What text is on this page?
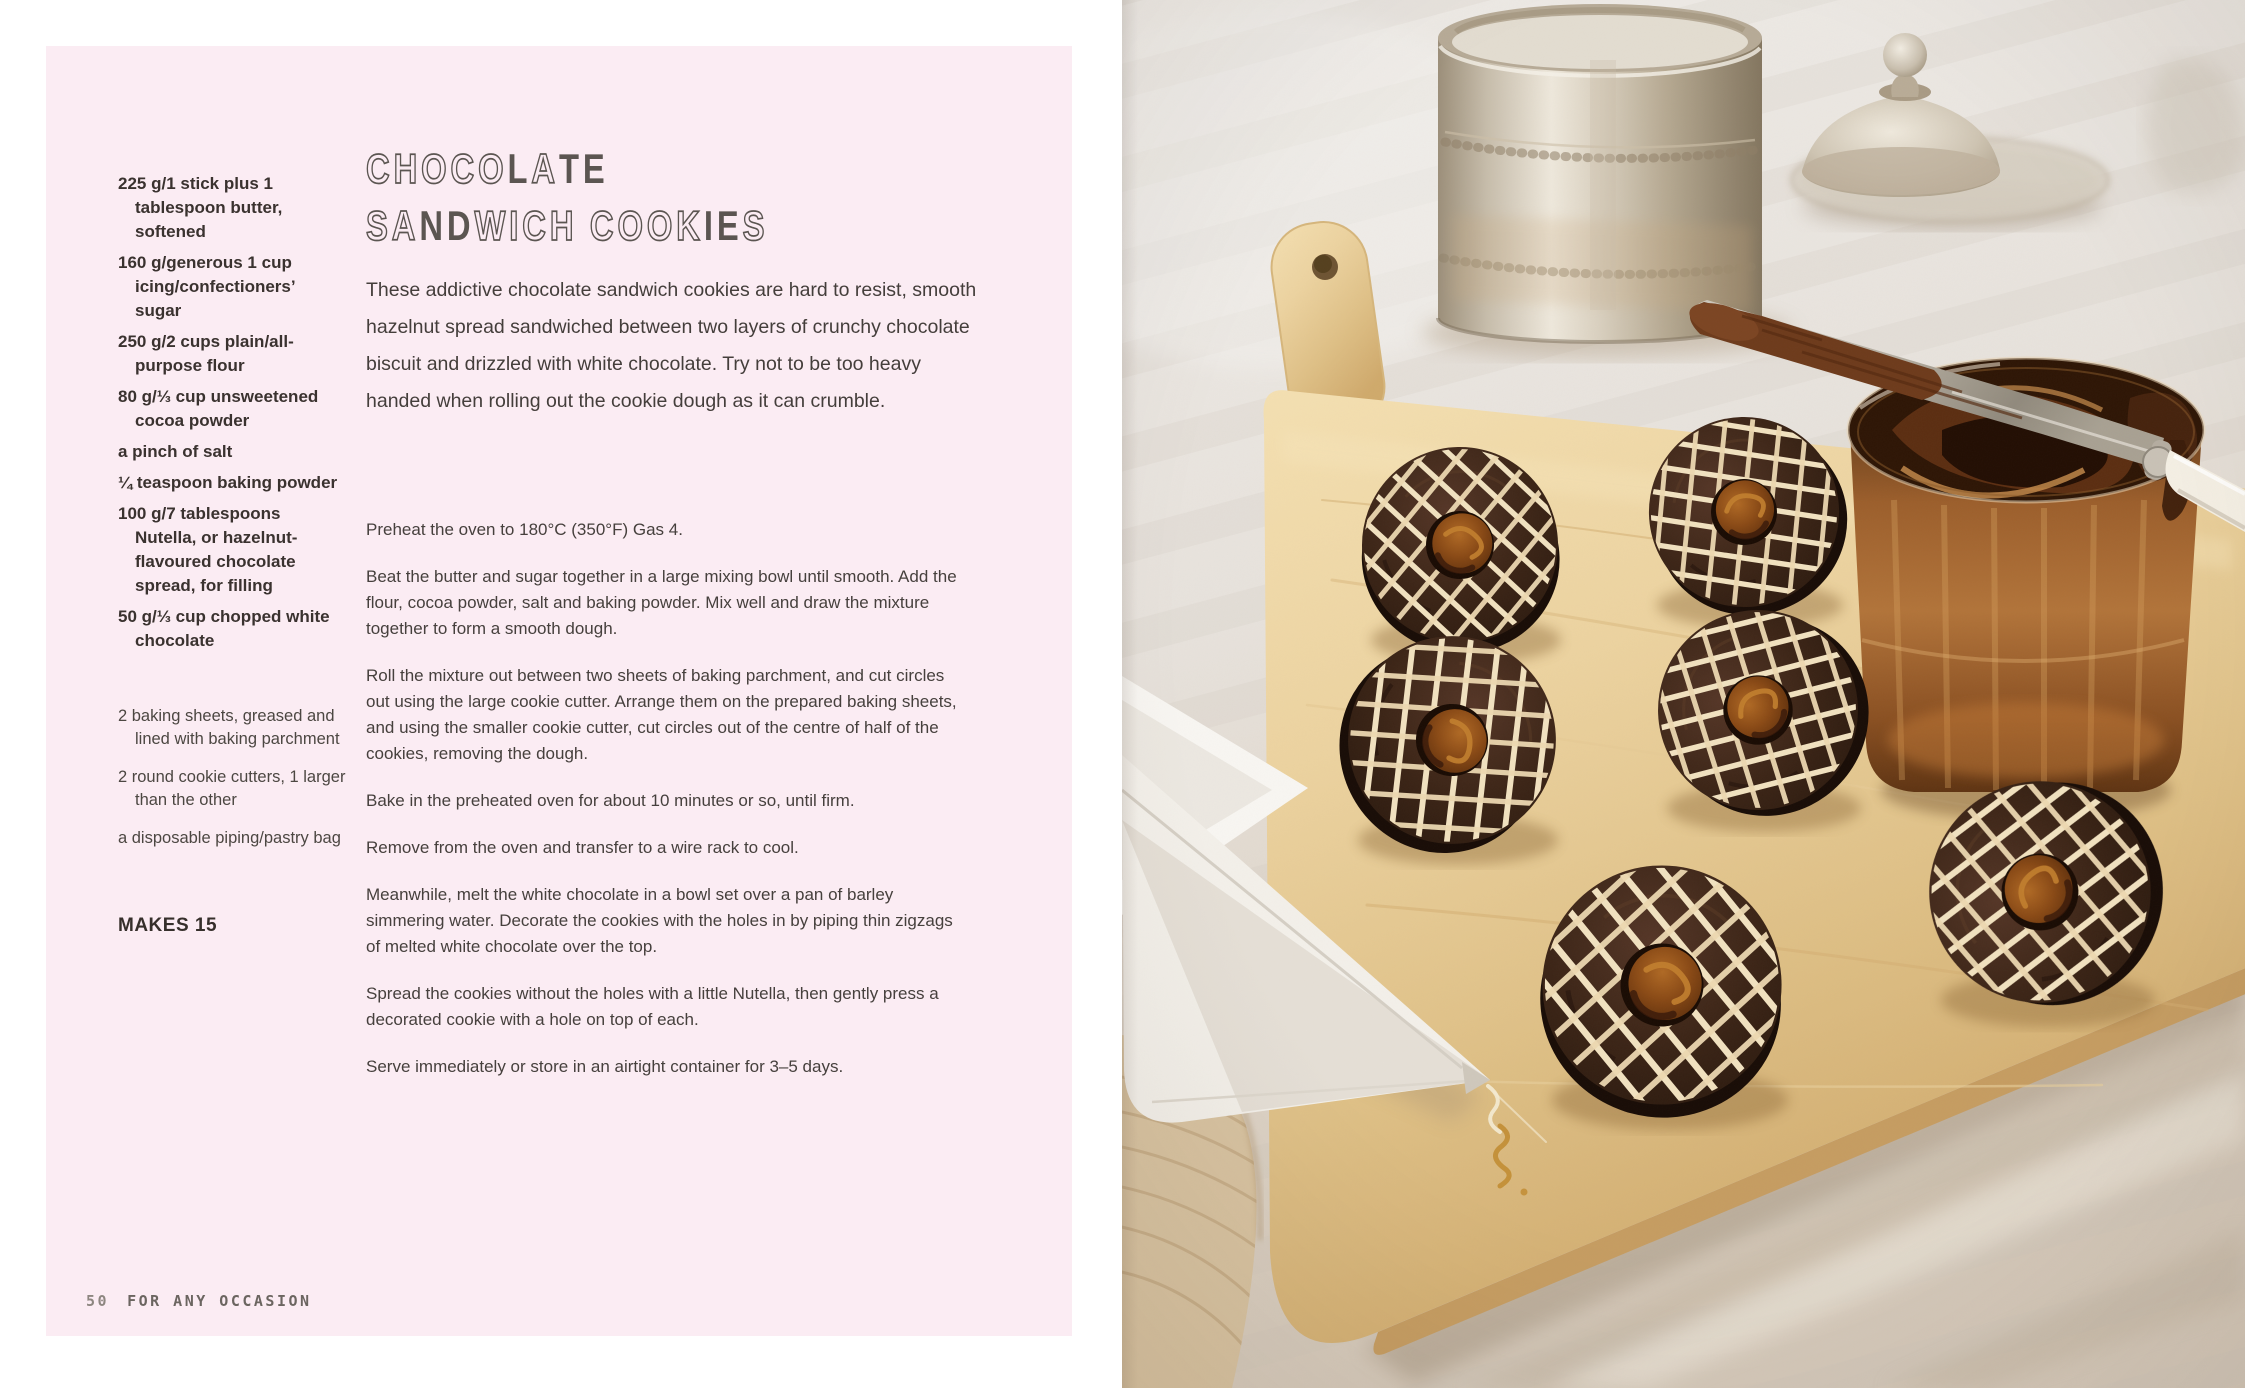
225 g/1 stick plus 1 tablespoon butter, softened
160 g/generous 1 cup icing/confectioners’ sugar
250 g/2 cups plain/all-purpose flour
80 g/⅓ cup unsweetened cocoa powder
a pinch of salt
¼ teaspoon baking powder
100 g/7 tablespoons Nutella, or hazelnut-flavoured chocolate spread, for filling
50 g/⅓ cup chopped white chocolate
2 baking sheets, greased and lined with baking parchment
2 round cookie cutters, 1 larger than the other
a disposable piping/pastry bag
MAKES 15
CHOCOLATE
SANDWICH COOKIES
These addictive chocolate sandwich cookies are hard to resist, smooth hazelnut spread sandwiched between two layers of crunchy chocolate biscuit and drizzled with white chocolate. Try not to be too heavy handed when rolling out the cookie dough as it can crumble.

Preheat the oven to 180°C (350°F) Gas 4.

Beat the butter and sugar together in a large mixing bowl until smooth. Add the flour, cocoa powder, salt and baking powder. Mix well and draw the mixture together to form a smooth dough.

Roll the mixture out between two sheets of baking parchment, and cut circles out using the large cookie cutter. Arrange them on the prepared baking sheets, and using the smaller cookie cutter, cut circles out of the centre of half of the cookies, removing the dough.

Bake in the preheated oven for about 10 minutes or so, until firm.

Remove from the oven and transfer to a wire rack to cool.

Meanwhile, melt the white chocolate in a bowl set over a pan of barley simmering water. Decorate the cookies with the holes in by piping thin zigzags of melted white chocolate over the top.

Spread the cookies without the holes with a little Nutella, then gently press a decorated cookie with a hole on top of each.

Serve immediately or store in an airtight container for 3–5 days.

50 FOR ANY OCCASION
